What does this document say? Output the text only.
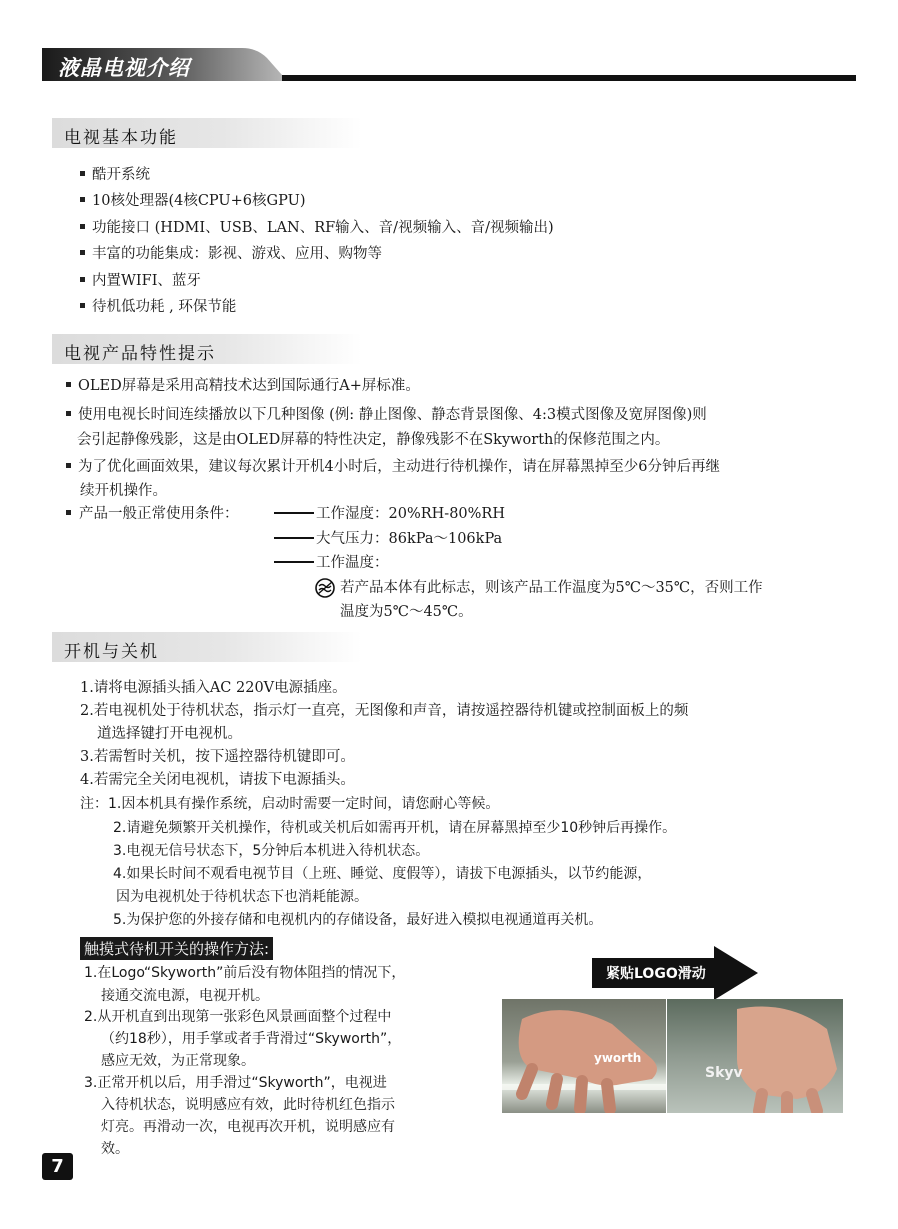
液晶电视介绍
电视基本功能
酷开系统
10核处理器(4核CPU+6核GPU)
功能接口 (HDMI、USB、LAN、RF输入、音/视频输入、音/视频输出)
丰富的功能集成：影视、游戏、应用、购物等
内置WIFI、蓝牙
待机低功耗 , 环保节能
电视产品特性提示
OLED屏幕是采用高精技术达到国际通行A+屏标准。
使用电视长时间连续播放以下几种图像 (例: 静止图像、静态背景图像、4:3模式图像及宽屏图像)则
会引起静像残影，这是由OLED屏幕的特性决定，静像残影不在Skyworth的保修范围之内。
为了优化画面效果，建议每次累计开机4小时后，主动进行待机操作，请在屏幕黑掉至少6分钟后再继
续开机操作。
产品一般正常使用条件：	工作湿度：20%RH-80%RH
大气压力：86kPa～106kPa
工作温度：
若产品本体有此标志，则该产品工作温度为5℃～35℃，否则工作
温度为5℃～45℃。
开机与关机
1.请将电源插头插入AC 220V电源插座。
2.若电视机处于待机状态，指示灯一直亮，无图像和声音，请按遥控器待机键或控制面板上的频
道选择键打开电视机。
3.若需暂时关机，按下遥控器待机键即可。
4.若需完全关闭电视机，请拔下电源插头。
注：1.因本机具有操作系统，启动时需要一定时间，请您耐心等候。
2.请避免频繁开关机操作，待机或关机后如需再开机，请在屏幕黑掉至少10秒钟后再操作。
3.电视无信号状态下，5分钟后本机进入待机状态。
4.如果长时间不观看电视节目（上班、睡觉、度假等），请拔下电源插头，以节约能源，
因为电视机处于待机状态下也消耗能源。
5.为保护您的外接存储和电视机内的存储设备，最好进入模拟电视通道再关机。
触摸式待机开关的操作方法:
1.在Logo“Skyworth”前后没有物体阻挡的情况下，
接通交流电源，电视开机。
2.从开机直到出现第一张彩色风景画面整个过程中
（约18秒），用手掌或者手背滑过“Skyworth”，
感应无效，为正常现象。
3.正常开机以后，用手滑过“Skyworth”，电视进
入待机状态，说明感应有效，此时待机红色指示
灯亮。再滑动一次，电视再次开机，说明感应有
效。
紧贴LOGO滑动
yworth
Skyv
7
